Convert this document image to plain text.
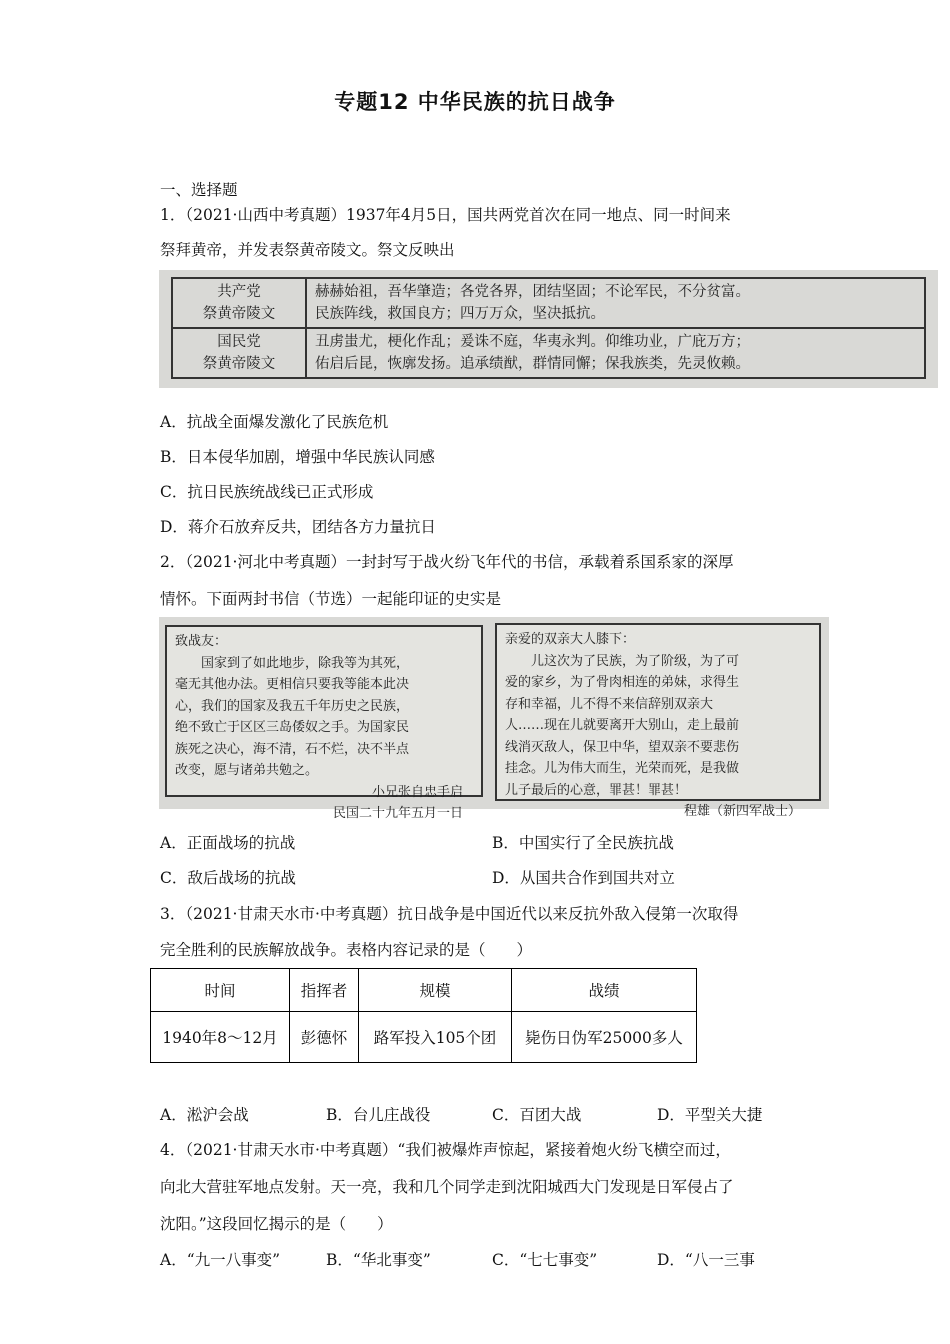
专题12 中华民族的抗日战争
一、选择题
1．（2021·山西中考真题）1937年4月5日，国共两党首次在同一地点、同一时间来
祭拜黄帝，并发表祭黄帝陵文。祭文反映出
共产党
祭黄帝陵文	赫赫始祖，吾华肇造；各党各界，团结坚固；不论军民，不分贫富。
民族阵线，救国良方；四万万众，坚决抵抗。

国民党
祭黄帝陵文	丑虏蚩尤，梗化作乱；爰诛不庭，华夷永判。仰维功业，广庇万方；
佑启后昆，恢廓发扬。追承绩猷，群情同懈；保我族类，先灵攸赖。
A．抗战全面爆发激化了民族危机
B．日本侵华加剧，增强中华民族认同感
C．抗日民族统战线已正式形成
D．蒋介石放弃反共，团结各方力量抗日
2．（2021·河北中考真题）一封封写于战火纷飞年代的书信，承载着系国系家的深厚
情怀。下面两封书信（节选）一起能印证的史实是
致战友：
国家到了如此地步，除我等为其死，
毫无其他办法。更相信只要我等能本此决
心，我们的国家及我五千年历史之民族，
绝不致亡于区区三岛倭奴之手。为国家民
族死之决心，海不清，石不烂，决不半点
改变，愿与诸弟共勉之。
小兄张自忠手启
民国二十九年五月一日
亲爱的双亲大人膝下：
儿这次为了民族，为了阶级，为了可
爱的家乡，为了骨肉相连的弟妹，求得生
存和幸福，儿不得不来信辞别双亲大
人……现在儿就要离开大别山，走上最前
线消灭敌人，保卫中华，望双亲不要悲伤
挂念。儿为伟大而生，光荣而死，是我做
儿子最后的心意，罪甚！罪甚！
程雄（新四军战士）
A．正面战场的抗战	B．中国实行了全民族抗战
C．敌后战场的抗战	D．从国共合作到国共对立
3．（2021·甘肃天水市·中考真题）抗日战争是中国近代以来反抗外敌入侵第一次取得
完全胜利的民族解放战争。表格内容记录的是（　　）
时间	指挥者	规模	战绩
1940年8～12月	彭德怀	路军投入105个团	毙伤日伪军25000多人
A．淞沪会战	B．台儿庄战役	C．百团大战	D．平型关大捷
4．（2021·甘肃天水市·中考真题）“我们被爆炸声惊起，紧接着炮火纷飞横空而过，
向北大营驻军地点发射。天一亮，我和几个同学走到沈阳城西大门发现是日军侵占了
沈阳。”这段回忆揭示的是（　　）
A．“九一八事变”	B．“华北事变”	C．“七七事变”	D．“八一三事
